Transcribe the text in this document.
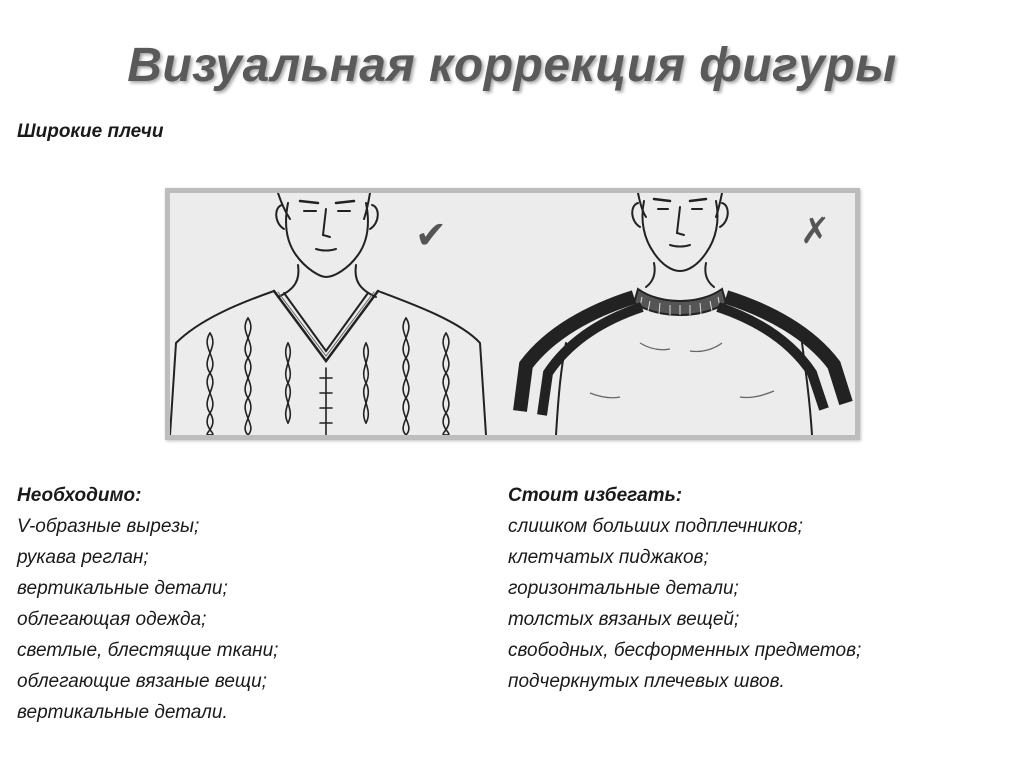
Визуальная коррекция фигуры
Широкие плечи
✔	✗
Необходимо:
V-образные вырезы;
рукава реглан;
вертикальные детали;
облегающая одежда;
светлые, блестящие ткани;
облегающие вязаные вещи;
вертикальные детали.
Стоит избегать:
слишком больших подплечников;
клетчатых пиджаков;
горизонтальные детали;
толстых вязаных вещей;
свободных, бесформенных предметов;
подчеркнутых плечевых швов.
